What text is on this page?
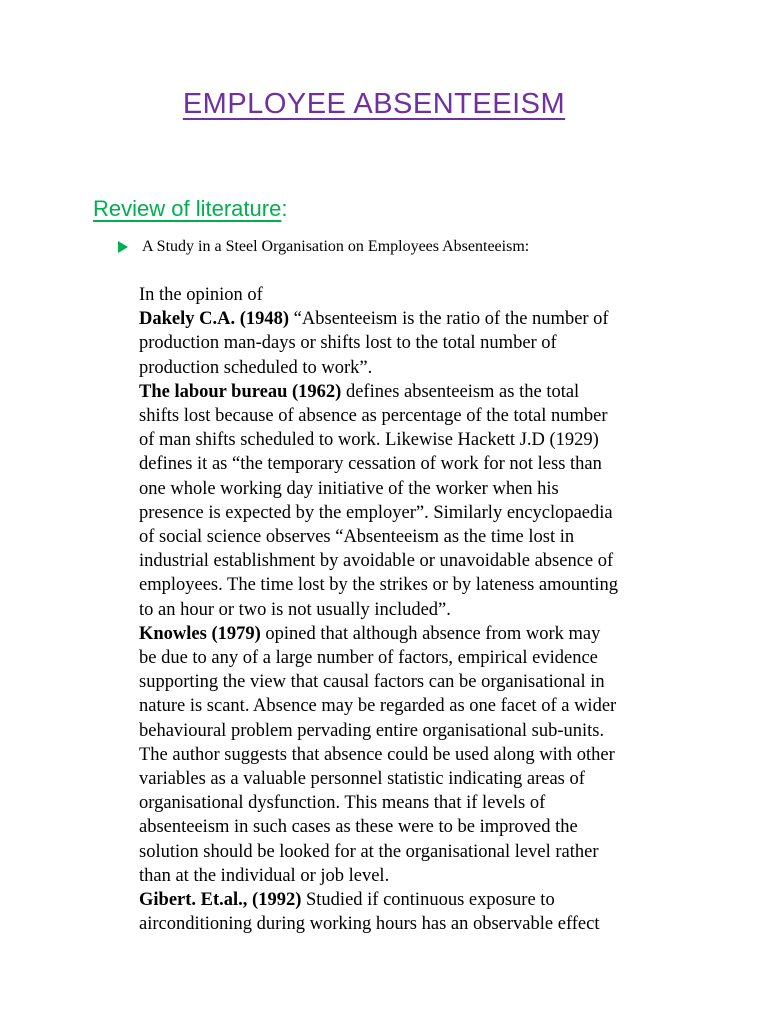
EMPLOYEE ABSENTEEISM
Review of literature:
A Study in a Steel Organisation on Employees Absenteeism:

In the opinion of

Dakely C.A. (1948) “Absenteeism is the ratio of the number of

production man-days or shifts lost to the total number of

production scheduled to work”.

The labour bureau (1962) defines absenteeism as the total

shifts lost because of absence as percentage of the total number

of man shifts scheduled to work. Likewise Hackett J.D (1929)

defines it as “the temporary cessation of work for not less than

one whole working day initiative of the worker when his

presence is expected by the employer”. Similarly encyclopaedia

of social science observes “Absenteeism as the time lost in

industrial establishment by avoidable or unavoidable absence of

employees. The time lost by the strikes or by lateness amounting

to an hour or two is not usually included”.

Knowles (1979) opined that although absence from work may

be due to any of a large number of factors, empirical evidence

supporting the view that causal factors can be organisational in

nature is scant. Absence may be regarded as one facet of a wider

behavioural problem pervading entire organisational sub-units.

The author suggests that absence could be used along with other

variables as a valuable personnel statistic indicating areas of

organisational dysfunction. This means that if levels of

absenteeism in such cases as these were to be improved the

solution should be looked for at the organisational level rather

than at the individual or job level.

Gibert. Et.al., (1992) Studied if continuous exposure to

airconditioning during working hours has an observable effect
